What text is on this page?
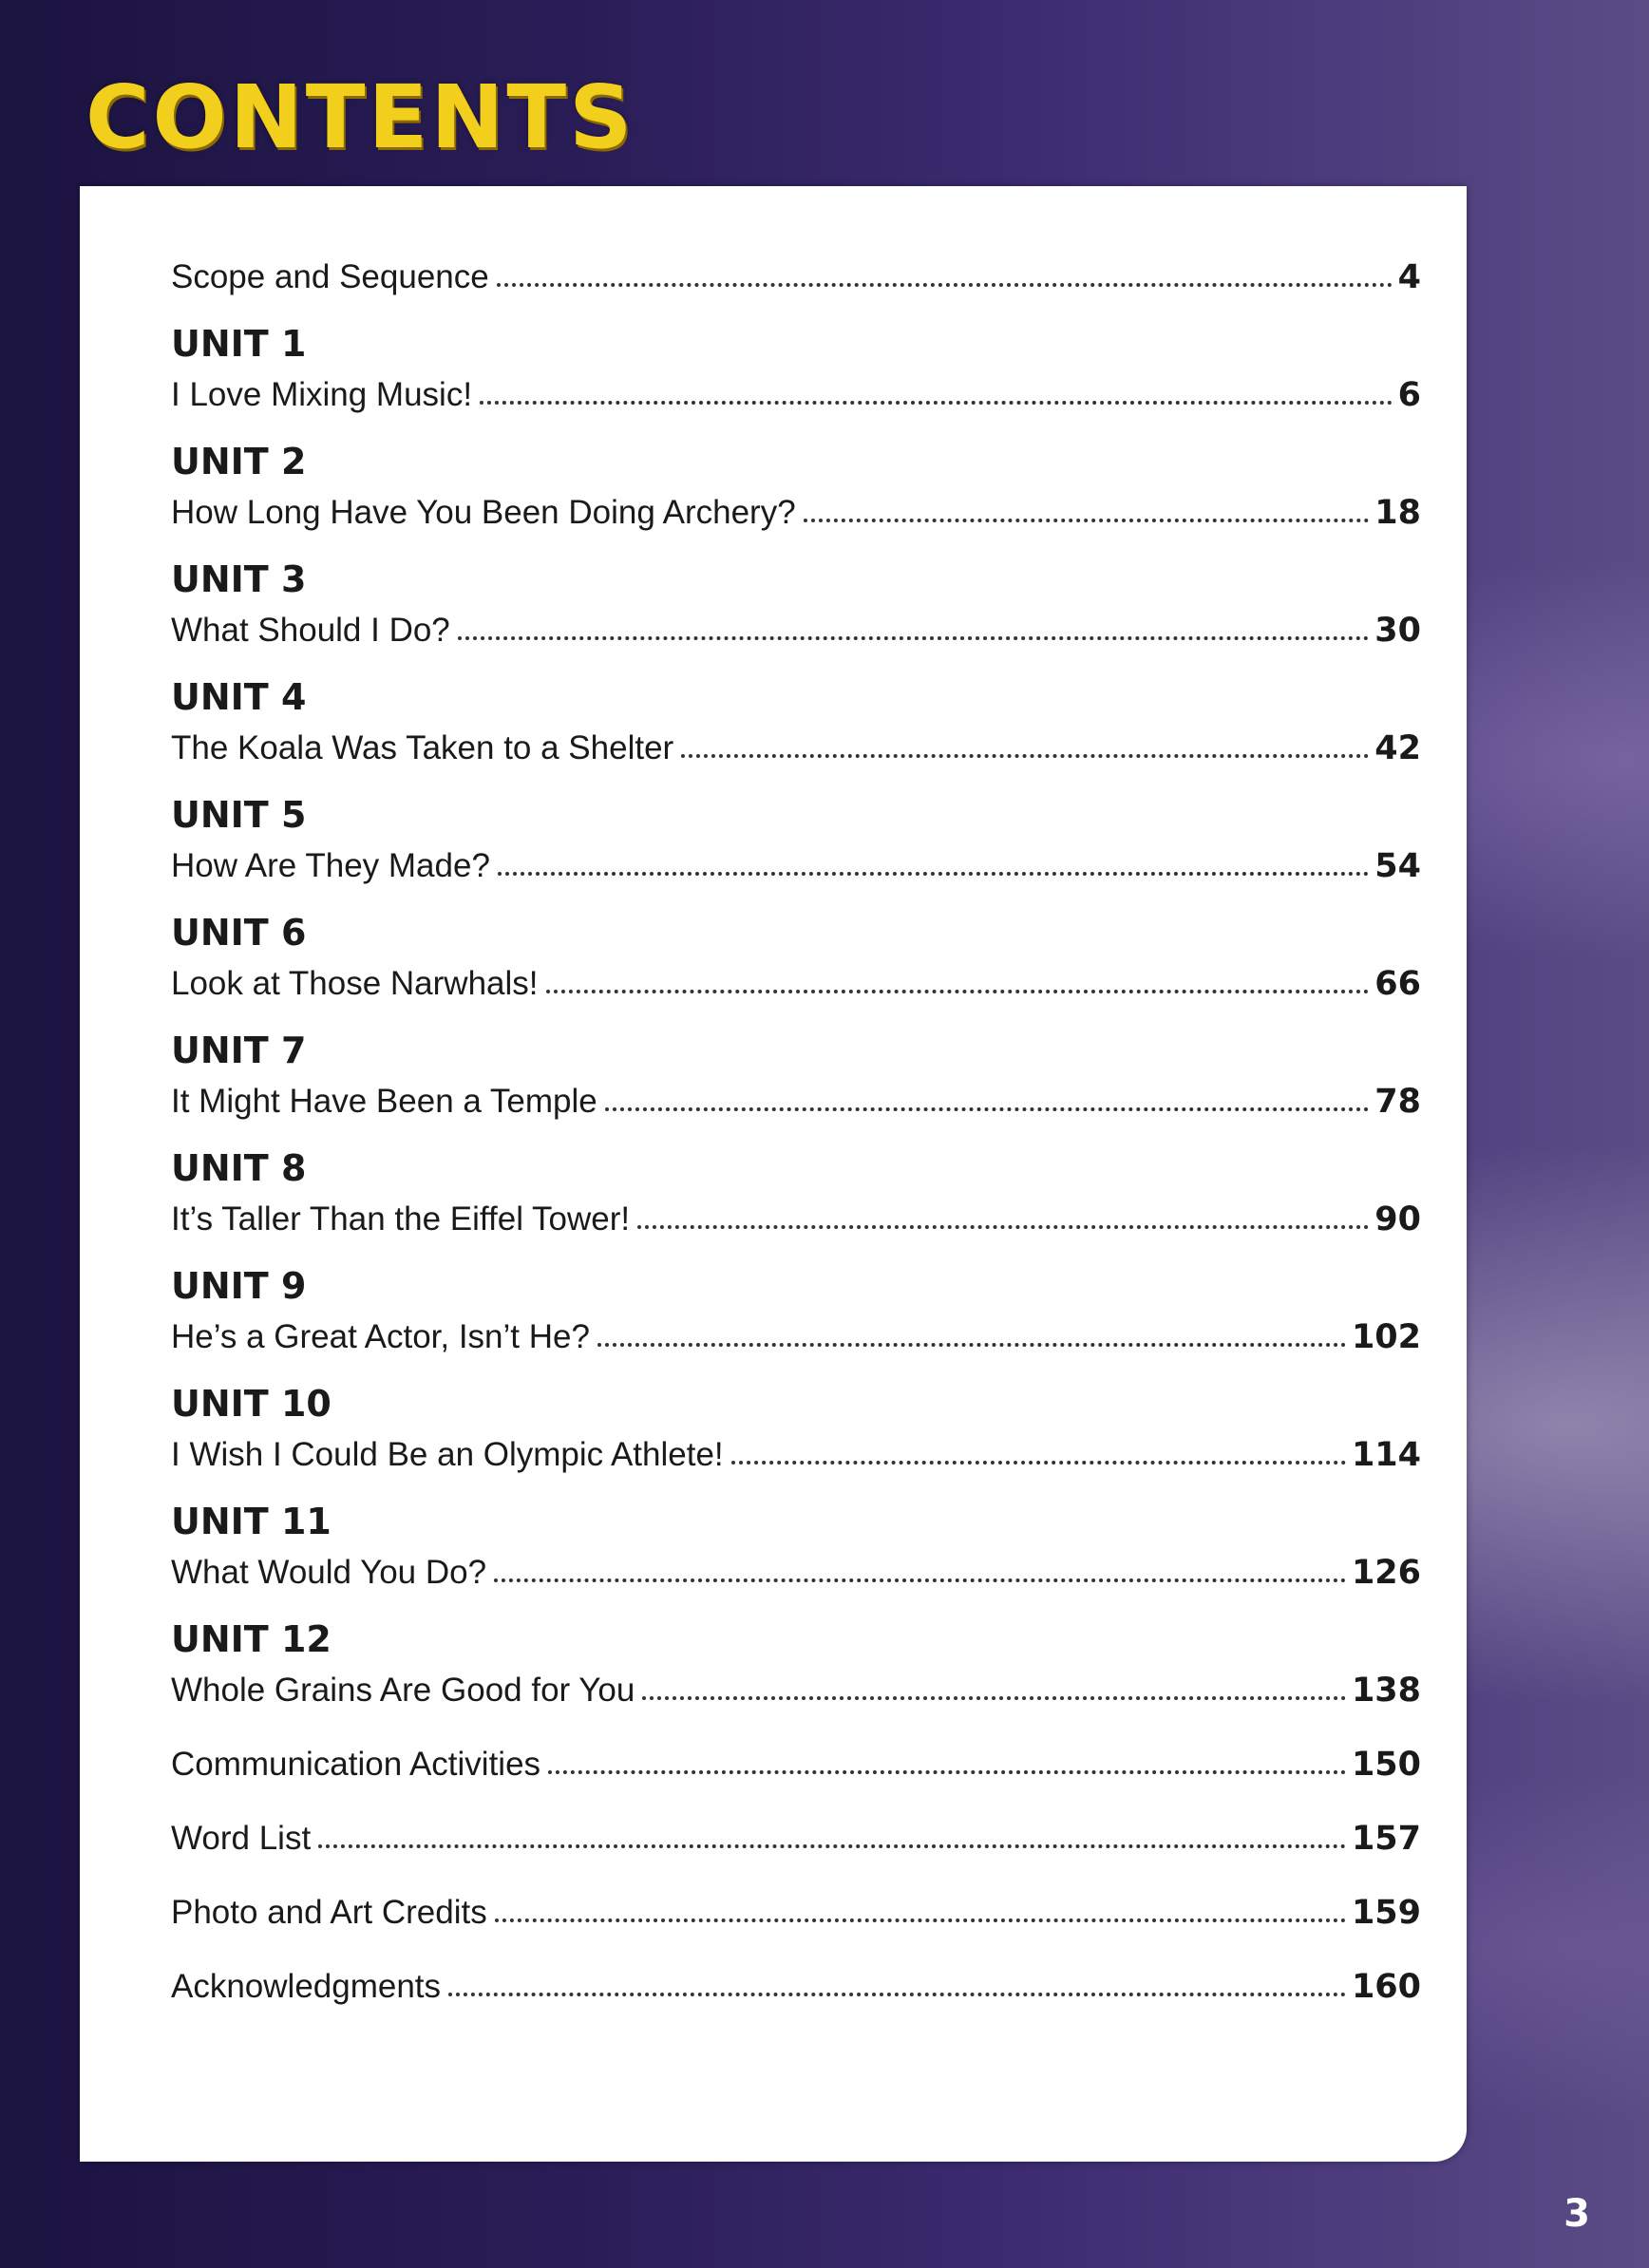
CONTENTS
Scope and Sequence	4
UNIT 1
I Love Mixing Music!	6
UNIT 2
How Long Have You Been Doing Archery?	18
UNIT 3
What Should I Do?	30
UNIT 4
The Koala Was Taken to a Shelter	42
UNIT 5
How Are They Made?	54
UNIT 6
Look at Those Narwhals!	66
UNIT 7
It Might Have Been a Temple	78
UNIT 8
It’s Taller Than the Eiffel Tower!	90
UNIT 9
He’s a Great Actor, Isn’t He?	102
UNIT 10
I Wish I Could Be an Olympic Athlete!	114
UNIT 11
What Would You Do?	126
UNIT 12
Whole Grains Are Good for You	138
Communication Activities	150
Word List	157
Photo and Art Credits	159
Acknowledgments	160
3
